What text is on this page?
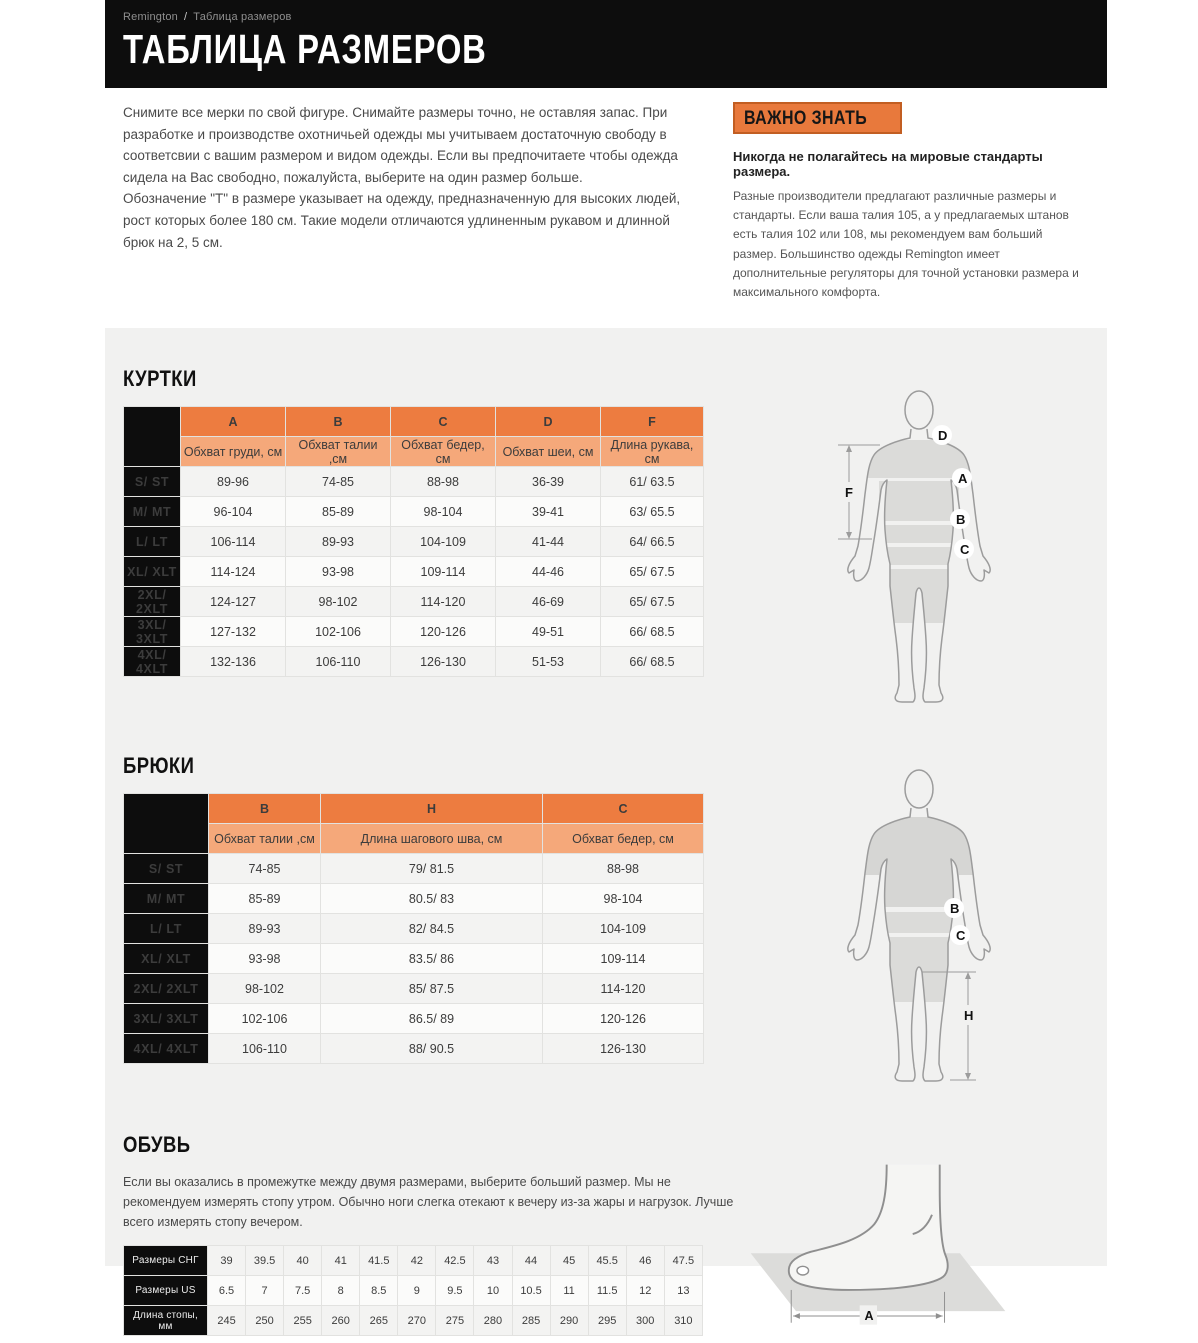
Remington / Таблица размеров
ТАБЛИЦА РАЗМЕРОВ

Снимите все мерки по свой фигуре. Снимайте размеры точно, не оставляя запас. При разработке и производстве охотничьей одежды мы учитываем достаточную свободу в соответсвии с вашим размером и видом одежды. Если вы предпочитаете чтобы одежда сидела на Вас свободно, пожалуйста, выберите на один размер больше.

Обозначение "Т" в размере указывает на одежду, предназначенную для высоких людей, рост которых более 180 см. Такие модели отличаются удлиненным рукавом и длинной брюк на 2, 5 см.

ВАЖНО ЗНАТЬ
Никогда не полагайтесь на мировые стандарты размера.

Разные производители предлагают различные размеры и стандарты. Если ваша талия 105, а у предлагаемых штанов есть талия 102 или 108, мы рекомендуем вам больший размер. Большинство одежды Remington имеет дополнительные регуляторы для точной установки размера и максимального комфорта.

КУРТКИ
	A	B	C	D	F
	Обхват груди, см	Обхват талии ,см	Обхват бедер, см	Обхват шеи, см	Длина рукава, см
S/ ST	89-96	74-85	88-98	36-39	61/ 63.5
M/ MT	96-104	85-89	98-104	39-41	63/ 65.5
L/ LT	106-114	89-93	104-109	41-44	64/ 66.5
XL/ XLT	114-124	93-98	109-114	44-46	65/ 67.5
2XL/ 2XLT	124-127	98-102	114-120	46-69	65/ 67.5
3XL/ 3XLT	127-132	102-106	120-126	49-51	66/ 68.5
4XL/ 4XLT	132-136	106-110	126-130	51-53	66/ 68.5
D
A
B
C
F
БРЮКИ
	B	H	C
	Обхват талии ,см	Длина шагового шва, см	Обхват бедер, см
S/ ST	74-85	79/ 81.5	88-98
M/ MT	85-89	80.5/ 83	98-104
L/ LT	89-93	82/ 84.5	104-109
XL/ XLT	93-98	83.5/ 86	109-114
2XL/ 2XLT	98-102	85/ 87.5	114-120
3XL/ 3XLT	102-106	86.5/ 89	120-126
4XL/ 4XLT	106-110	88/ 90.5	126-130
B
C
H
ОБУВЬ

Если вы оказались в промежутке между двумя размерами, выберите больший размер. Мы не рекомендуем измерять стопу утром. Обычно ноги слегка отекают к вечеру из-за жары и нагрузок. Лучше всего измерять стопу вечером.

Размеры СНГ	39	39.5	40	41	41.5	42	42.5	43	44	45	45.5	46	47.5
Размеры US	6.5	7	7.5	8	8.5	9	9.5	10	10.5	11	11.5	12	13
Длина стопы, мм	245	250	255	260	265	270	275	280	285	290	295	300	310	A
